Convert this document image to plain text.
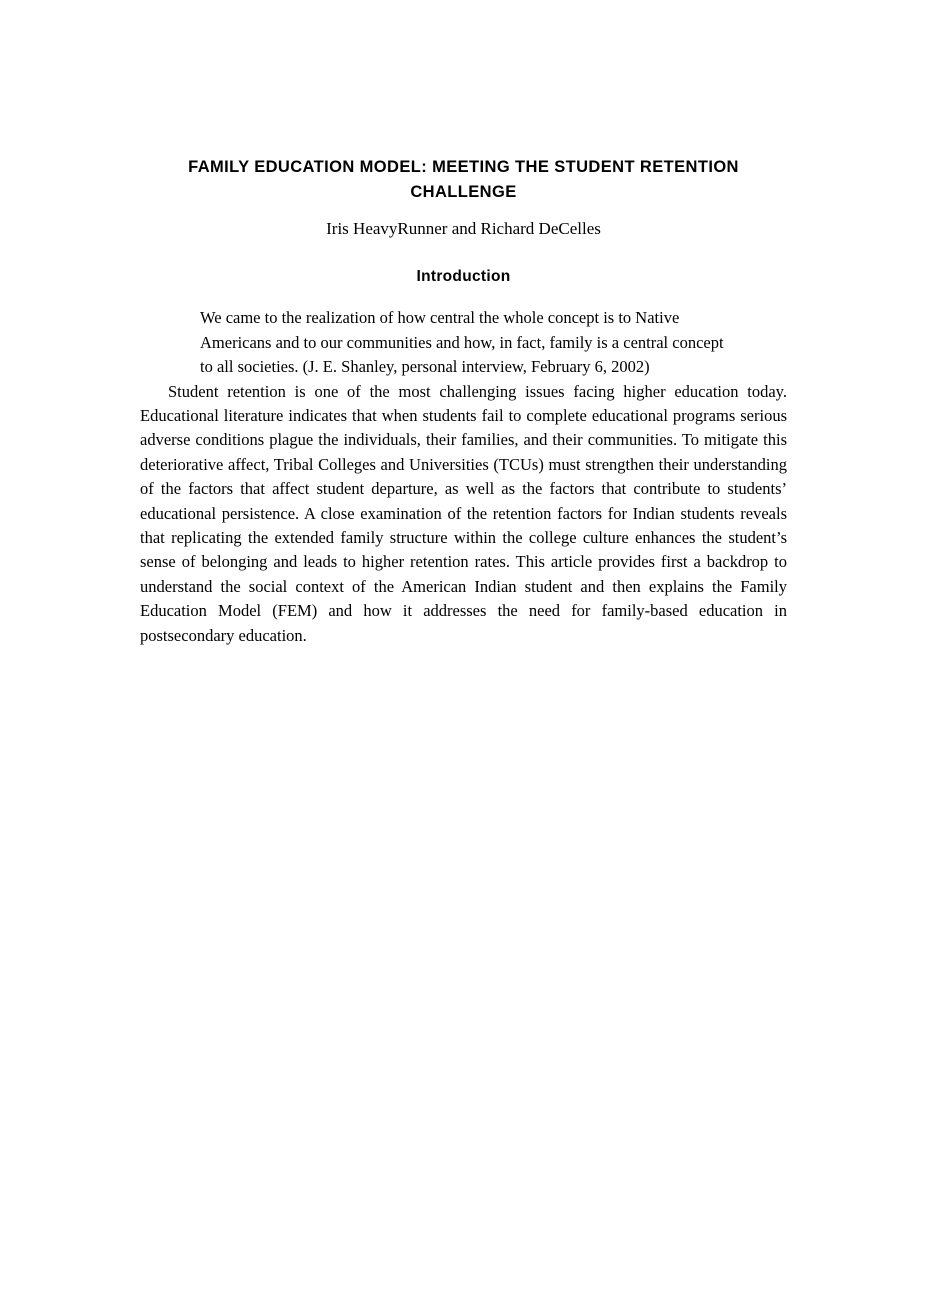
FAMILY EDUCATION MODEL: MEETING THE STUDENT RETENTION CHALLENGE
Iris HeavyRunner and Richard DeCelles
Introduction
We came to the realization of how central the whole concept is to Native Americans and to our communities and how, in fact, family is a central concept to all societies. (J. E. Shanley, personal interview, February 6, 2002)

Student retention is one of the most challenging issues facing higher education today. Educational literature indicates that when students fail to complete educational programs serious adverse conditions plague the individuals, their families, and their communities. To mitigate this deteriorative affect, Tribal Colleges and Universities (TCUs) must strengthen their understanding of the factors that affect student departure, as well as the factors that contribute to students’ educational persistence. A close examination of the retention factors for Indian students reveals that replicating the extended family structure within the college culture enhances the student’s sense of belonging and leads to higher retention rates. This article provides first a backdrop to understand the social context of the American Indian student and then explains the Family Education Model (FEM) and how it addresses the need for family-based education in postsecondary education.
